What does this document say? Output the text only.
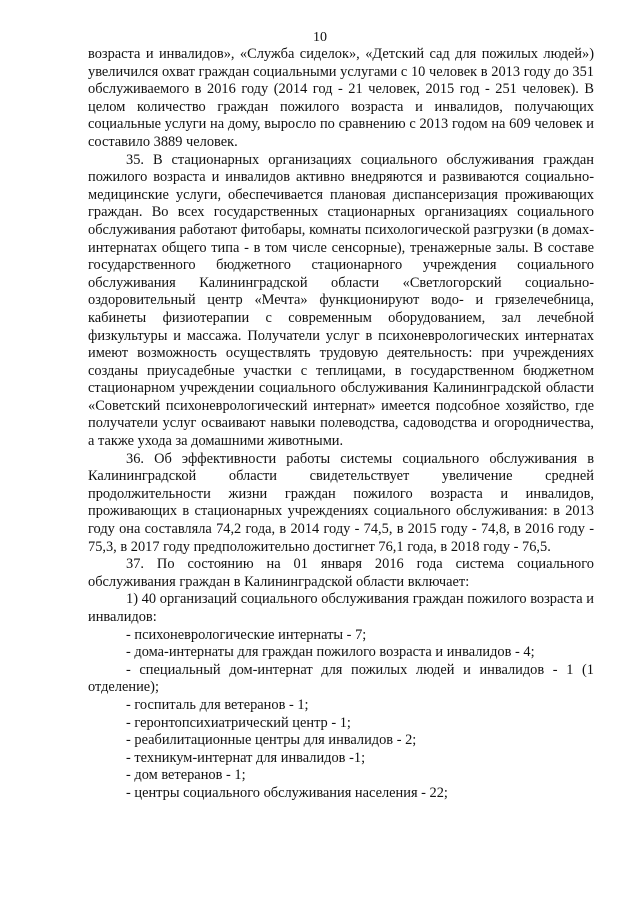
10

возраста и инвалидов», «Служба сиделок», «Детский сад для пожилых людей») увеличился охват граждан социальными услугами с 10 человек в 2013 году до 351 обслуживаемого в 2016 году (2014 год - 21 человек, 2015 год - 251 человек). В целом количество граждан пожилого возраста и инвалидов, получающих социальные услуги на дому, выросло по сравнению с 2013 годом на 609 человек и составило 3889 человек.

35. В стационарных организациях социального обслуживания граждан пожилого возраста и инвалидов активно внедряются и развиваются социально-медицинские услуги, обеспечивается плановая диспансеризация проживающих граждан. Во всех государственных стационарных организациях социального обслуживания работают фитобары, комнаты психологической разгрузки (в домах-интернатах общего типа - в том числе сенсорные), тренажерные залы. В составе государственного бюджетного стационарного учреждения социального обслуживания Калининградской области «Светлогорский социально-оздоровительный центр «Мечта» функционируют водо- и грязелечебница, кабинеты физиотерапии с современным оборудованием, зал лечебной физкультуры и массажа. Получатели услуг в психоневрологических интернатах имеют возможность осуществлять трудовую деятельность: при учреждениях созданы приусадебные участки с теплицами, в государственном бюджетном стационарном учреждении социального обслуживания Калининградской области «Советский психоневрологический интернат» имеется подсобное хозяйство, где получатели услуг осваивают навыки полеводства, садоводства и огородничества, а также ухода за домашними животными.

36. Об эффективности работы системы социального обслуживания в Калининградской области свидетельствует увеличение средней продолжительности жизни граждан пожилого возраста и инвалидов, проживающих в стационарных учреждениях социального обслуживания: в 2013 году она составляла 74,2 года, в 2014 году - 74,5, в 2015 году - 74,8, в 2016 году - 75,3, в 2017 году предположительно достигнет 76,1 года, в 2018 году - 76,5.

37. По состоянию на 01 января 2016 года система социального обслуживания граждан в Калининградской области включает:

1) 40 организаций социального обслуживания граждан пожилого возраста и инвалидов:

- психоневрологические интернаты - 7;

- дома-интернаты для граждан пожилого возраста и инвалидов - 4;

- специальный дом-интернат для пожилых людей и инвалидов - 1 (1 отделение);

- госпиталь для ветеранов - 1;

- геронтопсихиатрический центр - 1;

- реабилитационные центры для инвалидов - 2;

- техникум-интернат для инвалидов -1;

- дом ветеранов - 1;

- центры социального обслуживания населения - 22;
